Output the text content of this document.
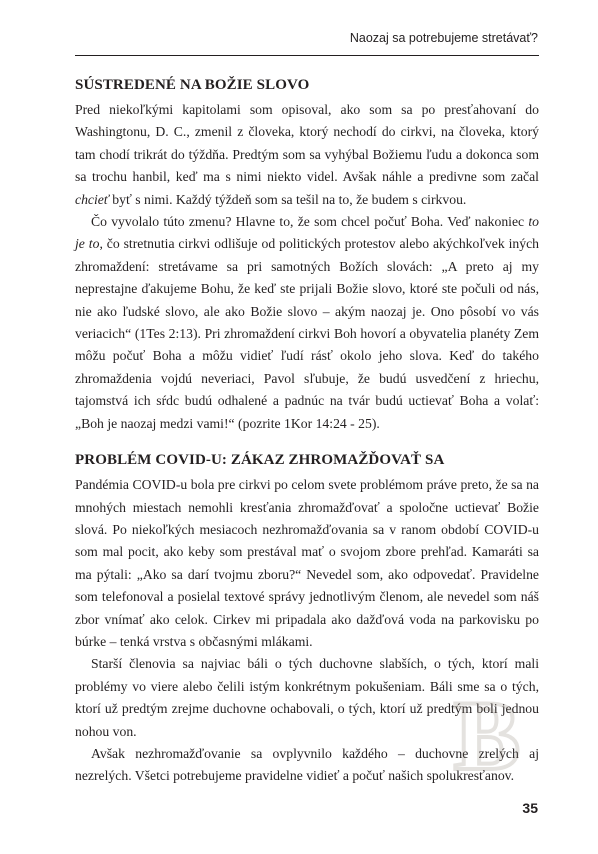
Naozaj sa potrebujeme stretávať?
SÚSTREDENÉ NA BOŽIE SLOVO

Pred niekoľkými kapitolami som opisoval, ako som sa po presťahovaní do Washingtonu, D. C., zmenil z človeka, ktorý nechodí do cirkvi, na človeka, ktorý tam chodí trikrát do týždňa. Predtým som sa vyhýbal Božiemu ľudu a dokonca som sa trochu hanbil, keď ma s nimi niekto videl. Avšak náhle a predivne som začal chcieť byť s nimi. Každý týždeň som sa tešil na to, že budem s cirkvou.

Čo vyvolalo túto zmenu? Hlavne to, že som chcel počuť Boha. Veď nakoniec to je to, čo stretnutia cirkvi odlišuje od politických protestov alebo akýchkoľvek iných zhromaždení: stretávame sa pri samotných Božích slovách: „A preto aj my neprestajne ďakujeme Bohu, že keď ste prijali Božie slovo, ktoré ste počuli od nás, nie ako ľudské slovo, ale ako Božie slovo – akým naozaj je. Ono pôsobí vo vás veriacich“ (1Tes 2:13). Pri zhromaždení cirkvi Boh hovorí a obyvatelia planéty Zem môžu počuť Boha a môžu vidieť ľudí rásť okolo jeho slova. Keď do takého zhromaždenia vojdú neveriaci, Pavol sľubuje, že budú usvedčení z hriechu, tajomstvá ich sŕdc budú odhalené a padnúc na tvár budú uctievať Boha a volať: „Boh je naozaj medzi vami!“ (pozrite 1Kor 14:24 - 25).

PROBLÉM COVID-U: ZÁKAZ ZHROMAŽĎOVAŤ SA

Pandémia COVID-u bola pre cirkvi po celom svete problémom práve preto, že sa na mnohých miestach nemohli kresťania zhromažďovať a spoločne uctievať Božie slová. Po niekoľkých mesiacoch nezhromažďovania sa v ranom období COVID-u som mal pocit, ako keby som prestával mať o svojom zbore prehľad. Kamaráti sa ma pýtali: „Ako sa darí tvojmu zboru?“ Nevedel som, ako odpovedať. Pravidelne som telefonoval a posielal textové správy jednotlivým členom, ale nevedel som náš zbor vnímať ako celok. Cirkev mi pripadala ako dažďová voda na parkovisku po búrke – tenká vrstva s občasnými mlákami.

Starší členovia sa najviac báli o tých duchovne slabších, o tých, ktorí mali problémy vo viere alebo čelili istým konkrétnym pokušeniam. Báli sme sa o tých, ktorí už predtým zrejme duchovne ochabovali, o tých, ktorí už predtým boli jednou nohou von.

Avšak nezhromažďovanie sa ovplyvnilo každého – duchovne zrelých aj nezrelých. Všetci potrebujeme pravidelne vidieť a počuť našich spolukresťanov.

B
35
